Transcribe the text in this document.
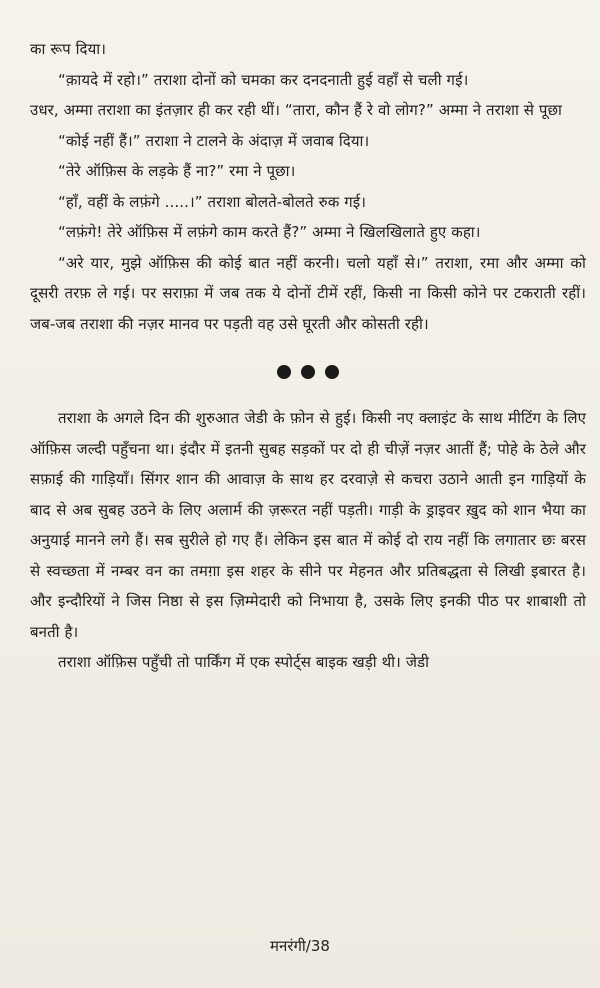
का रूप दिया।

“क़ायदे में रहो।” तराशा दोनों को चमका कर दनदनाती हुई वहाँ से चली गई।

उधर, अम्मा तराशा का इंतज़ार ही कर रही थीं। “तारा, कौन हैं रे वो लोग?” अम्मा ने तराशा से पूछा

“कोई नहीं हैं।” तराशा ने टालने के अंदाज़ में जवाब दिया।

“तेरे ऑफ़िस के लड़के हैं ना?” रमा ने पूछा।

“हाँ, वहीं के लफ़ंगे .....।” तराशा बोलते-बोलते रुक गई।

“लफ़ंगे! तेरे ऑफ़िस में लफ़ंगे काम करते हैं?” अम्मा ने खिलखिलाते हुए कहा।

“अरे यार, मुझे ऑफ़िस की कोई बात नहीं करनी। चलो यहाँ से।” तराशा, रमा और अम्मा को दूसरी तरफ़ ले गई। पर सराफ़ा में जब तक ये दोनों टीमें रहीं, किसी ना किसी कोने पर टकराती रहीं। जब-जब तराशा की नज़र मानव पर पड़ती वह उसे घूरती और कोसती रही।

तराशा के अगले दिन की शुरुआत जेडी के फ़ोन से हुई। किसी नए क्लाइंट के साथ मीटिंग के लिए ऑफ़िस जल्दी पहुँचना था। इंदौर में इतनी सुबह सड़कों पर दो ही चीज़ें नज़र आतीं हैं; पोहे के ठेले और सफ़ाई की गाड़ियाँ। सिंगर शान की आवाज़ के साथ हर दरवाज़े से कचरा उठाने आती इन गाड़ियों के बाद से अब सुबह उठने के लिए अलार्म की ज़रूरत नहीं पड़ती। गाड़ी के ड्राइवर ख़ुद को शान भैया का अनुयाई मानने लगे हैं। सब सुरीले हो गए हैं। लेकिन इस बात में कोई दो राय नहीं कि लगातार छः बरस से स्वच्छता में नम्बर वन का तमग़ा इस शहर के सीने पर मेहनत और प्रतिबद्धता से लिखी इबारत है। और इन्दौरियों ने जिस निष्ठा से इस ज़िम्मेदारी को निभाया है, उसके लिए इनकी पीठ पर शाबाशी तो बनती है।

तराशा ऑफ़िस पहुँची तो पार्किंग में एक स्पोर्ट्स बाइक खड़ी थी। जेडी

मनरंगी/38
